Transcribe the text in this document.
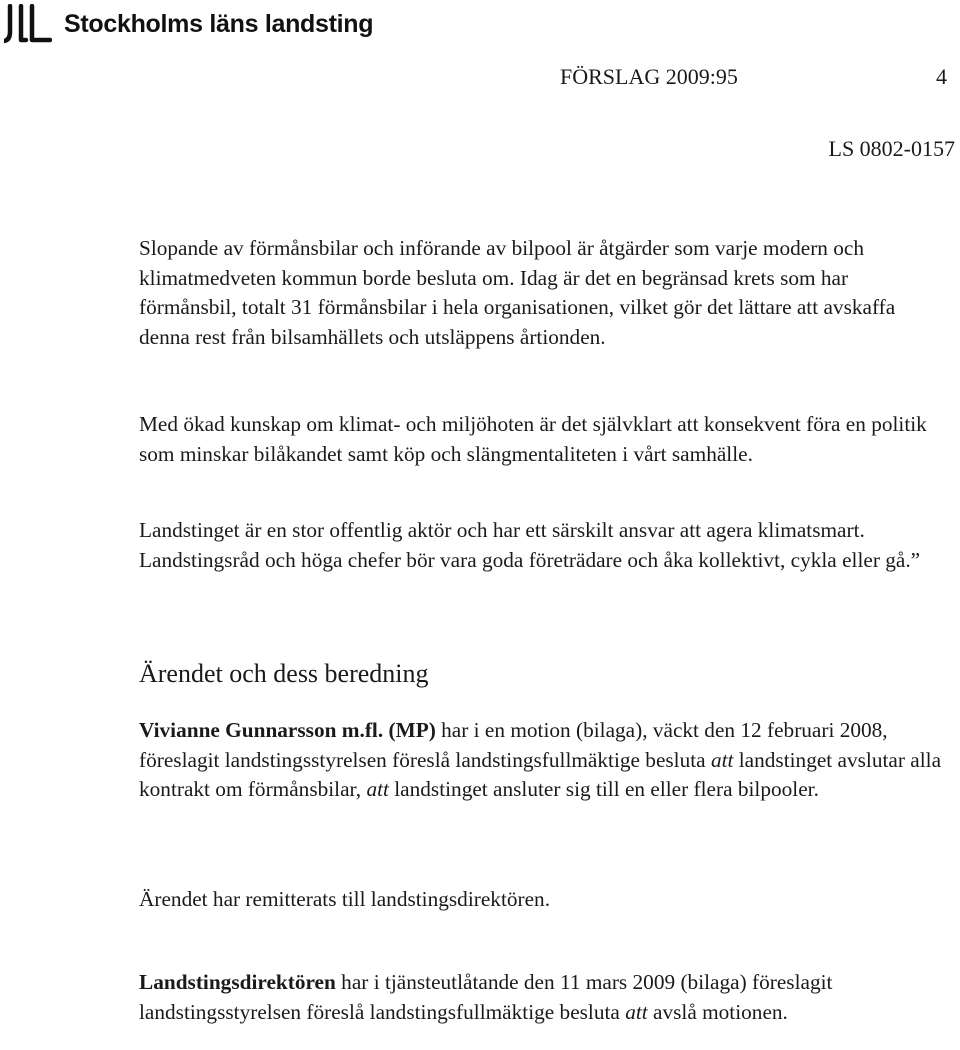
Stockholms läns landsting
FÖRSLAG 2009:95	4
LS 0802-0157

Slopande av förmånsbilar och införande av bilpool är åtgärder som varje modern och klimatmedveten kommun borde besluta om. Idag är det en begränsad krets som har förmånsbil, totalt 31 förmånsbilar i hela organisationen, vilket gör det lättare att avskaffa denna rest från bilsamhällets och utsläppens årtionden.

Med ökad kunskap om klimat- och miljöhoten är det självklart att konsekvent föra en politik som minskar bilåkandet samt köp och slängmentaliteten i vårt samhälle.

Landstinget är en stor offentlig aktör och har ett särskilt ansvar att agera klimatsmart. Landstingsråd och höga chefer bör vara goda företrädare och åka kollektivt, cykla eller gå.”

Ärendet och dess beredning

Vivianne Gunnarsson m.fl. (MP) har i en motion (bilaga), väckt den 12 februari 2008, föreslagit landstingsstyrelsen föreslå landstingsfullmäktige besluta att landstinget avslutar alla kontrakt om förmånsbilar, att landstinget ansluter sig till en eller flera bilpooler.

Ärendet har remitterats till landstingsdirektören.

Landstingsdirektören har i tjänsteutlåtande den 11 mars 2009 (bilaga) föreslagit landstingsstyrelsen föreslå landstingsfullmäktige besluta att avslå motionen.
